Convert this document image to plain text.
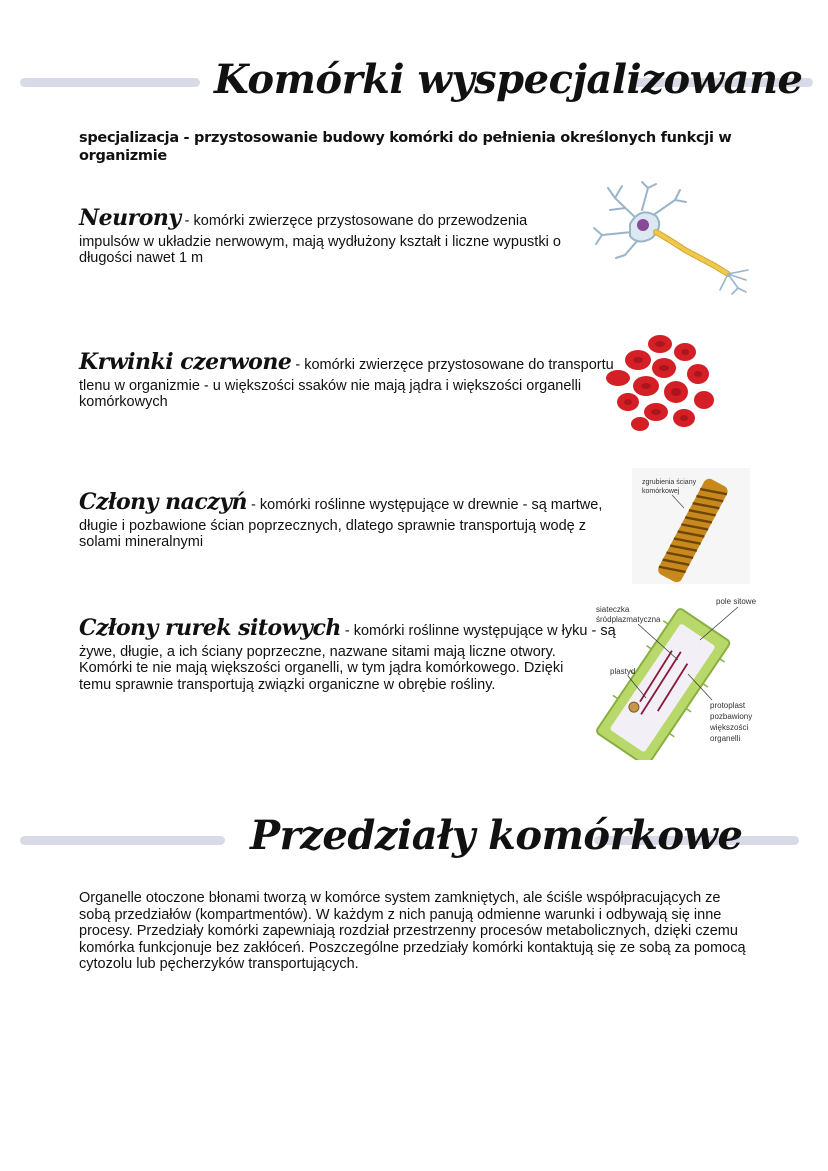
Komórki wyspecjalizowane
specjalizacja - przystosowanie budowy komórki do pełnienia określonych funkcji w organizmie
Neurony - komórki zwierzęce przystosowane do przewodzenia
impulsów w układzie nerwowym, mają wydłużony kształt i liczne wypustki o długości nawet 1 m
Krwinki czerwone - komórki zwierzęce przystosowane do transportu
tlenu w organizmie - u większości ssaków nie mają jądra i większości organelli komórkowych
Człony naczyń - komórki roślinne występujące w drewnie - są martwe,
długie i pozbawione ścian poprzecznych, dlatego sprawnie transportują wodę z solami mineralnymi
zgrubienia ściany
komórkowej
Człony rurek sitowych - komórki roślinne występujące w łyku - są
żywe, długie, a ich ściany poprzeczne, nazwane sitami mają liczne otwory. Komórki te nie mają większości organelli, w tym jądra komórkowego. Dzięki temu sprawnie transportują związki organiczne w obrębie rośliny.
pole sitowe
siateczka
śródplazmatyczna
plastyd
protoplast
pozbawiony
większości
organelli
Przedziały komórkowe
Organelle otoczone błonami tworzą w komórce system zamkniętych, ale ściśle współpracujących ze sobą przedziałów (kompartmentów). W każdym z nich panują odmienne warunki i odbywają się inne procesy. Przedziały komórki zapewniają rozdział przestrzenny procesów metabolicznych, dzięki czemu komórka funkcjonuje bez zakłóceń. Poszczególne przedziały komórki kontaktują się ze sobą za pomocą cytozolu lub pęcherzyków transportujących.
